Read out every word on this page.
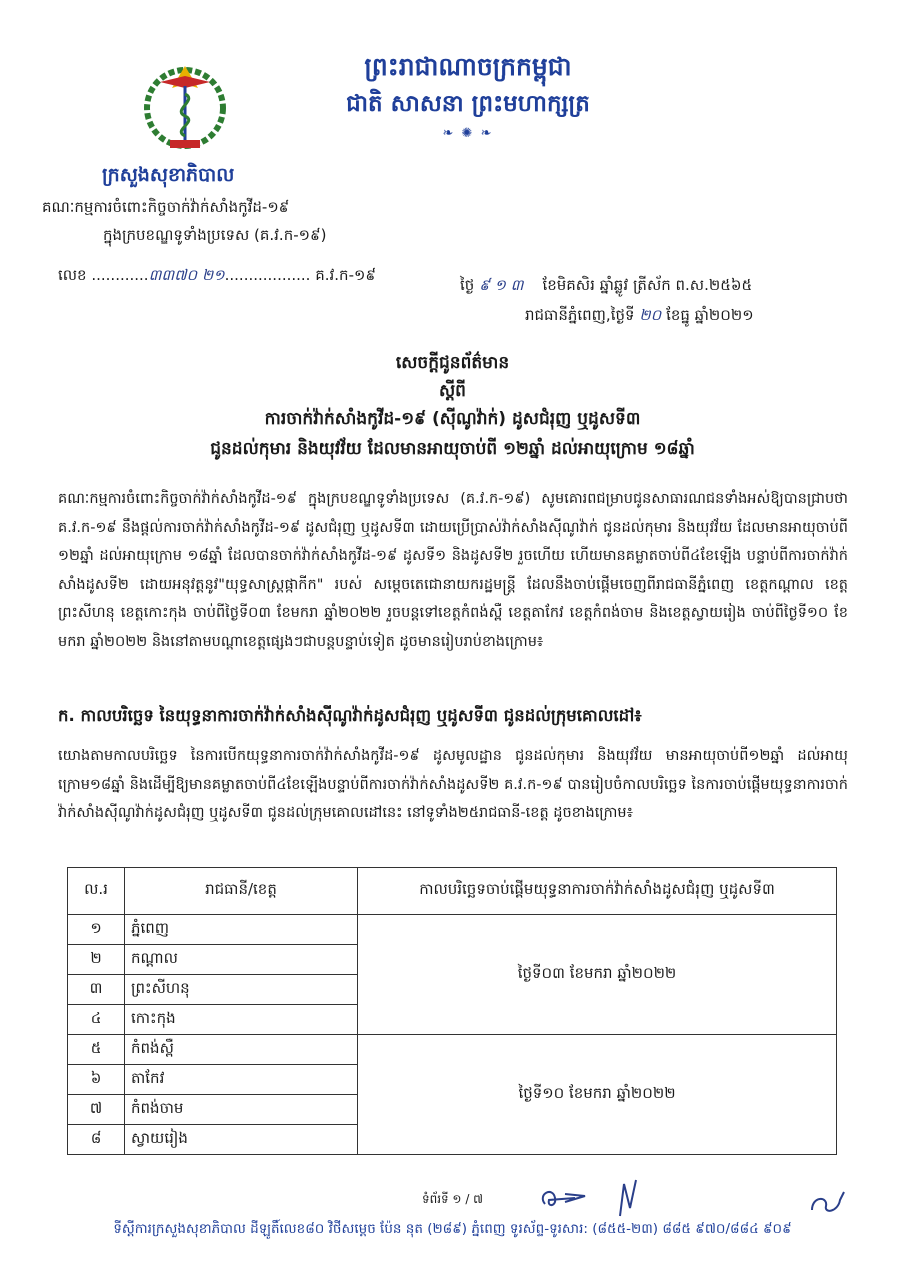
ព្រះរាជាណាចក្រកម្ពុជា
ជាតិ សាសនា ព្រះមហាក្សត្រ
❧ ✺ ❧
ក្រសួងសុខាភិបាល
គណៈកម្មការចំពោះកិច្ចចាក់វ៉ាក់សាំងកូវីដ-១៩
ក្នុងក្របខណ្ឌទូទាំងប្រទេស (គ.វ.ក-១៩)
លេខ ............៣៣៧០ ២១.................. គ.វ.ក-១៩
ថ្ងៃ ៩ ១ ៣ ខែមិគសិរ ឆ្នាំឆ្លូវ ត្រីស័ក ព.ស.២៥៦៥
រាជធានីភ្នំពេញ,ថ្ងៃទី ២០ ខែធ្នូ ឆ្នាំ២០២១
សេចក្ដីជូនព័ត៌មាន
ស្ដីពី
ការចាក់វ៉ាក់សាំងកូវីដ-១៩ (ស៊ីណូវ៉ាក់) ដូសជំរុញ ឬដូសទី៣
ជូនដល់កុមារ និងយុវវ័យ ដែលមានអាយុចាប់ពី ១២ឆ្នាំ ដល់អាយុក្រោម ១៨ឆ្នាំ
គណៈកម្មការចំពោះកិច្ចចាក់វ៉ាក់សាំងកូវីដ-១៩ ក្នុងក្របខណ្ឌទូទាំងប្រទេស (គ.វ.ក-១៩) សូមគោរពជម្រាបជូនសាធារណជនទាំងអស់ឱ្យបានជ្រាបថា គ.វ.ក-១៩ នឹងផ្ដល់ការចាក់វ៉ាក់សាំងកូវីដ-១៩ ដូសជំរុញ ឬដូសទី៣ ដោយប្រើប្រាស់វ៉ាក់សាំងស៊ីណូវ៉ាក់ ជូនដល់កុមារ និងយុវវ័យ ដែលមានអាយុចាប់ពី ១២ឆ្នាំ ដល់អាយុក្រោម ១៨ឆ្នាំ ដែលបានចាក់វ៉ាក់សាំងកូវីដ-១៩ ដូសទី១ និងដូសទី២ រួចហើយ ហើយមានគម្លាតចាប់ពី៤ខែឡើង បន្ទាប់ពីការចាក់វ៉ាក់សាំងដូសទី២ ដោយអនុវត្តនូវ"យុទ្ធសាស្ត្រផ្កាកីក" របស់ សម្ដេចតេជោនាយករដ្ឋមន្ត្រី ដែលនឹងចាប់ផ្ដើមចេញពីរាជធានីភ្នំពេញ ខេត្តកណ្ដាល ខេត្តព្រះសីហនុ ខេត្តកោះកុង ចាប់ពីថ្ងៃទី០៣ ខែមករា ឆ្នាំ២០២២ រួចបន្តទៅខេត្តកំពង់ស្ពឺ ខេត្តតាកែវ ខេត្តកំពង់ចាម និងខេត្តស្វាយរៀង ចាប់ពីថ្ងៃទី១០ ខែមករា ឆ្នាំ២០២២ និងនៅតាមបណ្ដាខេត្តផ្សេងៗជាបន្តបន្ទាប់ទៀត ដូចមានរៀបរាប់ខាងក្រោម៖
ក. កាលបរិច្ឆេទ នៃយុទ្ធនាការចាក់វ៉ាក់សាំងស៊ីណូវ៉ាក់ដូសជំរុញ ឬដូសទី៣ ជូនដល់ក្រុមគោលដៅ៖
យោងតាមកាលបរិច្ឆេទ នៃការបើកយុទ្ធនាការចាក់វ៉ាក់សាំងកូវីដ-១៩ ដូសមូលដ្ឋាន ជូនដល់កុមារ និងយុវវ័យ មានអាយុចាប់ពី១២ឆ្នាំ ដល់អាយុក្រោម១៨ឆ្នាំ និងដើម្បីឱ្យមានគម្លាតចាប់ពី៤ខែឡើងបន្ទាប់ពីការចាក់វ៉ាក់សាំងដូសទី២ គ.វ.ក-១៩ បានរៀបចំកាលបរិច្ឆេទ នៃការចាប់ផ្ដើមយុទ្ធនាការចាក់វ៉ាក់សាំងស៊ីណូវ៉ាក់ដូសជំរុញ ឬដូសទី៣ ជូនដល់ក្រុមគោលដៅនេះ នៅទូទាំង២៥រាជធានី-ខេត្ត ដូចខាងក្រោម៖
ល.រ	រាជធានី/ខេត្ត	កាលបរិច្ឆេទចាប់ផ្ដើមយុទ្ធនាការចាក់វ៉ាក់សាំងដូសជំរុញ ឬដូសទី៣
១	ភ្នំពេញ	ថ្ងៃទី០៣ ខែមករា ឆ្នាំ២០២២
២	កណ្ដាល	
៣	ព្រះសីហនុ	
៤	កោះកុង	
៥	កំពង់ស្ពឺ	ថ្ងៃទី១០ ខែមករា ឆ្នាំ២០២២
៦	តាកែវ	
៧	កំពង់ចាម	
៨	ស្វាយរៀង	
ទំព័រទី ១ / ៧
ទីស្ដីការក្រសួងសុខាភិបាល ដីឡូតិ៍លេខ៨០ វិថីសម្ដេច ប៉ែន នុត (២៨៩) ភ្នំពេញ ទូរស័ព្ទ-ទូរសារ: (៨៥៥-២៣) ៨៨៥ ៩៧០/៨៨៤ ៩០៩
